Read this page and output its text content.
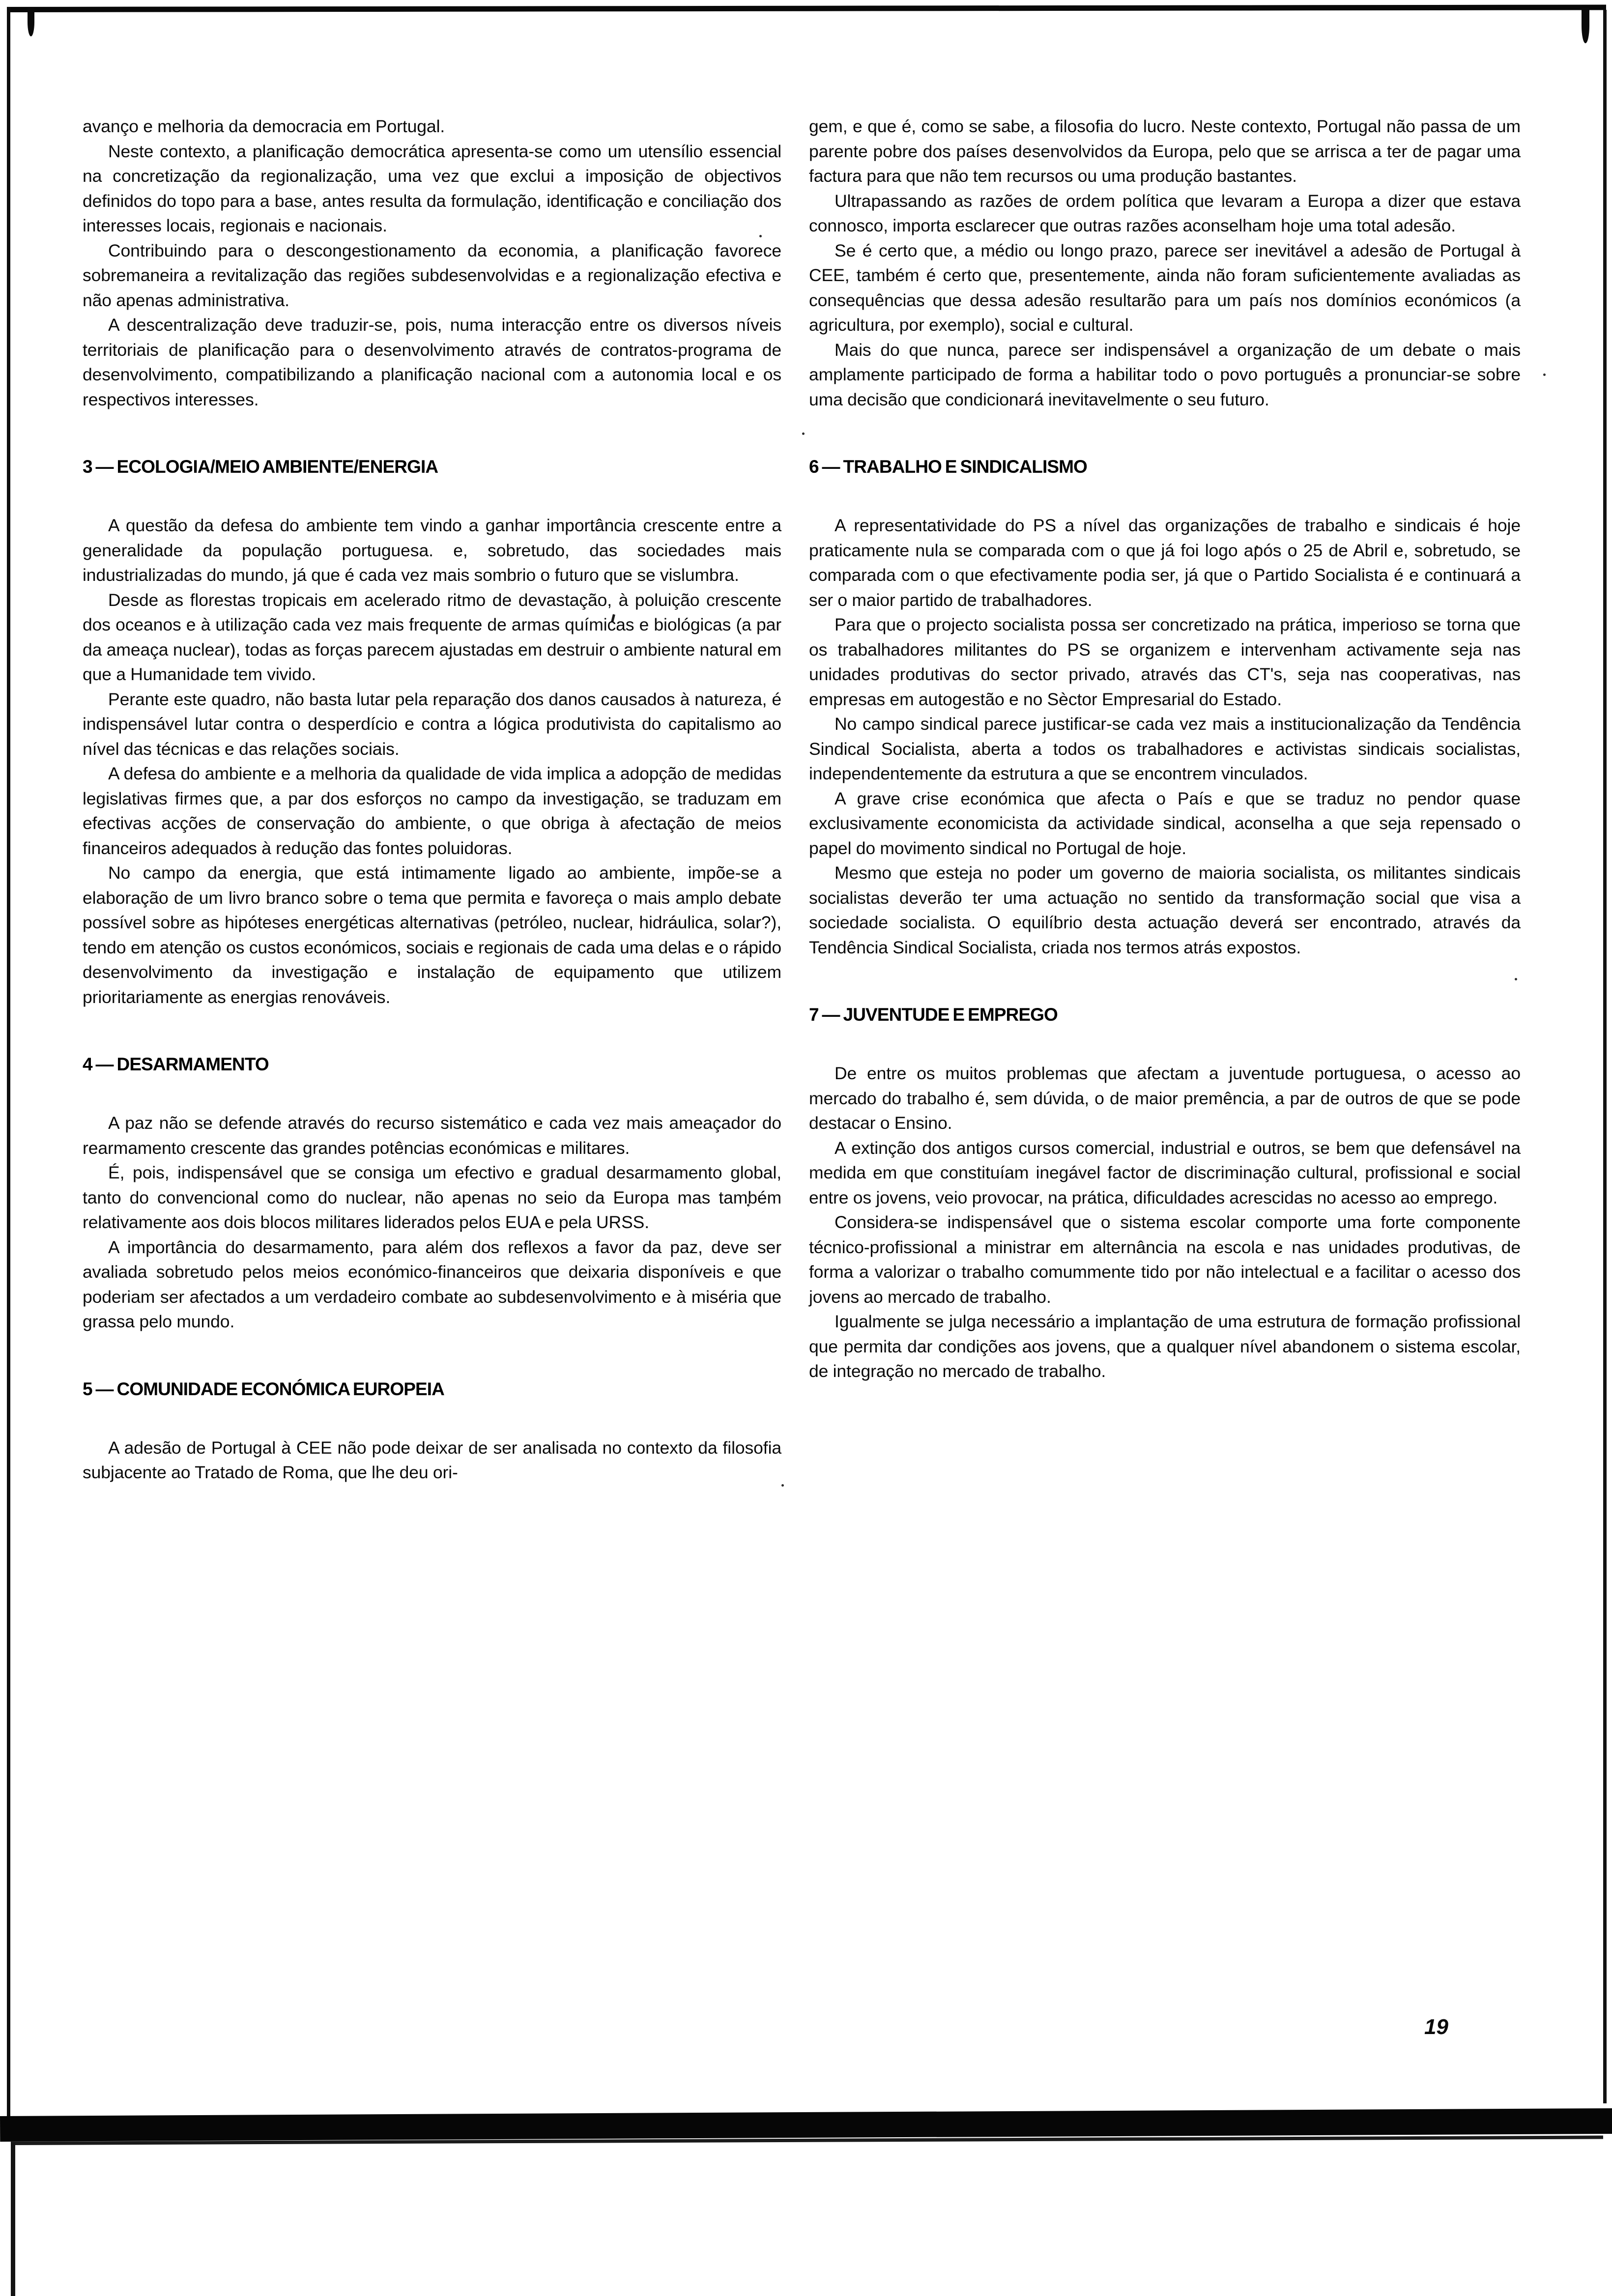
avanço e melhoria da democracia em Portugal.

Neste contexto, a planificação democrática apresenta-se como um utensílio essencial na concretização da regionalização, uma vez que exclui a imposição de objectivos definidos do topo para a base, antes resulta da formulação, identificação e conciliação dos interesses locais, regionais e nacionais.

Contribuindo para o descongestionamento da economia, a planificação favorece sobremaneira a revitalização das regiões subdesenvolvidas e a regionalização efectiva e não apenas administrativa.

A descentralização deve traduzir-se, pois, numa interacção entre os diversos níveis territoriais de planificação para o desenvolvimento através de contratos-programa de desenvolvimento, compatibilizando a planificação nacional com a autonomia local e os respectivos interesses.

3 — ECOLOGIA/MEIO AMBIENTE/ENERGIA

A questão da defesa do ambiente tem vindo a ganhar importância crescente entre a generalidade da população portuguesa. e, sobretudo, das sociedades mais industrializadas do mundo, já que é cada vez mais sombrio o futuro que se vislumbra.

Desde as florestas tropicais em acelerado ritmo de devastação, à poluição crescente dos oceanos e à utilização cada vez mais frequente de armas químicas e biológicas (a par da ameaça nuclear), todas as forças parecem ajustadas em destruir o ambiente natural em que a Humanidade tem vivido.

Perante este quadro, não basta lutar pela reparação dos danos causados à natureza, é indispensável lutar contra o desperdício e contra a lógica produtivista do capitalismo ao nível das técnicas e das relações sociais.

A defesa do ambiente e a melhoria da qualidade de vida implica a adopção de medidas legislativas firmes que, a par dos esforços no campo da investigação, se traduzam em efectivas acções de conservação do ambiente, o que obriga à afectação de meios financeiros adequados à redução das fontes poluidoras.

No campo da energia, que está intimamente ligado ao ambiente, impõe-se a elaboração de um livro branco sobre o tema que permita e favoreça o mais amplo debate possível sobre as hipóteses energéticas alternativas (petróleo, nuclear, hidráulica, solar?), tendo em atenção os custos económicos, sociais e regionais de cada uma delas e o rápido desenvolvimento da investigação e instalação de equipamento que utilizem prioritariamente as energias renováveis.

4 — DESARMAMENTO

A paz não se defende através do recurso sistemático e cada vez mais ameaçador do rearmamento crescente das grandes potências económicas e militares.

É, pois, indispensável que se consiga um efectivo e gradual desarmamento global, tanto do convencional como do nuclear, não apenas no seio da Europa mas também relativamente aos dois blocos militares liderados pelos EUA e pela URSS.

A importância do desarmamento, para além dos reflexos a favor da paz, deve ser avaliada sobretudo pelos meios económico-financeiros que deixaria disponíveis e que poderiam ser afectados a um verdadeiro combate ao subdesenvolvimento e à miséria que grassa pelo mundo.

5 — COMUNIDADE ECONÓMICA EUROPEIA

A adesão de Portugal à CEE não pode deixar de ser analisada no contexto da filosofia subjacente ao Tratado de Roma, que lhe deu ori-

gem, e que é, como se sabe, a filosofia do lucro. Neste contexto, Portugal não passa de um parente pobre dos países desenvolvidos da Europa, pelo que se arrisca a ter de pagar uma factura para que não tem recursos ou uma produção bastantes.

Ultrapassando as razões de ordem política que levaram a Europa a dizer que estava connosco, importa esclarecer que outras razões aconselham hoje uma total adesão.

Se é certo que, a médio ou longo prazo, parece ser inevitável a adesão de Portugal à CEE, também é certo que, presentemente, ainda não foram suficientemente avaliadas as consequências que dessa adesão resultarão para um país nos domínios económicos (a agricultura, por exemplo), social e cultural.

Mais do que nunca, parece ser indispensável a organização de um debate o mais amplamente participado de forma a habilitar todo o povo português a pronunciar-se sobre uma decisão que condicionará inevitavelmente o seu futuro.

6 — TRABALHO E SINDICALISMO

A representatividade do PS a nível das organizações de trabalho e sindicais é hoje praticamente nula se comparada com o que já foi logo após o 25 de Abril e, sobretudo, se comparada com o que efectivamente podia ser, já que o Partido Socialista é e continuará a ser o maior partido de trabalhadores.

Para que o projecto socialista possa ser concretizado na prática, imperioso se torna que os trabalhadores militantes do PS se organizem e intervenham activamente seja nas unidades produtivas do sector privado, através das CT's, seja nas cooperativas, nas empresas em autogestão e no Sèctor Empresarial do Estado.

No campo sindical parece justificar-se cada vez mais a institucionalização da Tendência Sindical Socialista, aberta a todos os trabalhadores e activistas sindicais socialistas, independentemente da estrutura a que se encontrem vinculados.

A grave crise económica que afecta o País e que se traduz no pendor quase exclusivamente economicista da actividade sindical, aconselha a que seja repensado o papel do movimento sindical no Portugal de hoje.

Mesmo que esteja no poder um governo de maioria socialista, os militantes sindicais socialistas deverão ter uma actuação no sentido da transformação social que visa a sociedade socialista. O equilíbrio desta actuação deverá ser encontrado, através da Tendência Sindical Socialista, criada nos termos atrás expostos.

7 — JUVENTUDE E EMPREGO

De entre os muitos problemas que afectam a juventude portuguesa, o acesso ao mercado do trabalho é, sem dúvida, o de maior premência, a par de outros de que se pode destacar o Ensino.

A extinção dos antigos cursos comercial, industrial e outros, se bem que defensável na medida em que constituíam inegável factor de discriminação cultural, profissional e social entre os jovens, veio provocar, na prática, dificuldades acrescidas no acesso ao emprego.

Considera-se indispensável que o sistema escolar comporte uma forte componente técnico-profissional a ministrar em alternância na escola e nas unidades produtivas, de forma a valorizar o trabalho comummente tido por não intelectual e a facilitar o acesso dos jovens ao mercado de trabalho.

Igualmente se julga necessário a implantação de uma estrutura de formação profissional que permita dar condições aos jovens, que a qualquer nível abandonem o sistema escolar, de integração no mercado de trabalho.

19
